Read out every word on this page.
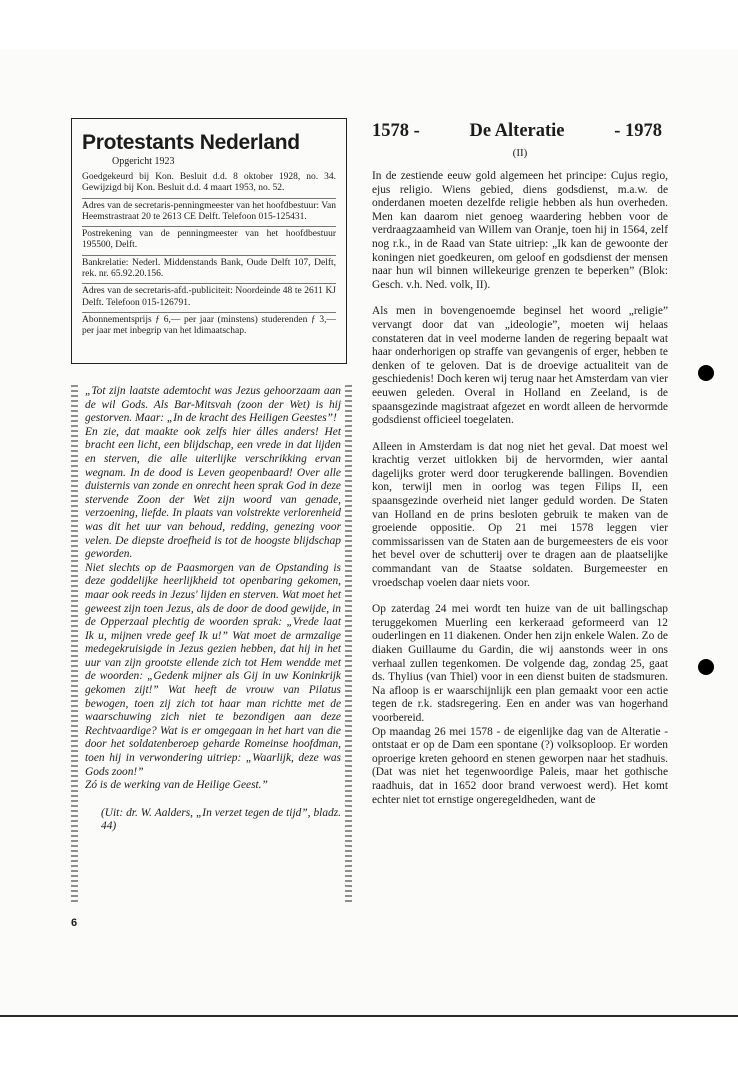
Protestants Nederland
Opgericht 1923

Goedgekeurd bij Kon. Besluit d.d. 8 oktober 1928, no. 34. Gewijzigd bij Kon. Besluit d.d. 4 maart 1953, no. 52.

Adres van de secretaris-penningmeester van het hoofdbestuur: Van Heemstrastraat 20 te 2613 CE Delft. Telefoon 015-125431.

Postrekening van de penningmeester van het hoofdbestuur 195500, Delft.

Bankrelatie: Nederl. Middenstands Bank, Oude Delft 107, Delft, rek. nr. 65.92.20.156.

Adres van de secretaris-afd.-publiciteit: Noordeinde 48 te 2611 KJ Delft. Telefoon 015-126791.

Abonnementsprijs ƒ 6,— per jaar (minstens) studerenden ƒ 3,— per jaar met inbegrip van het ldimaatschap.

„Tot zijn laatste ademtocht was Jezus gehoorzaam aan de wil Gods. Als Bar-Mitsvah (zoon der Wet) is hij gestorven. Maar: „In de kracht des Heiligen Geestes”!

En zie, dat maakte ook zelfs hier álles anders! Het bracht een licht, een blijdschap, een vrede in dat lijden en sterven, die alle uiterlijke verschrikking ervan wegnam. In de dood is Leven geopenbaard! Over alle duisternis van zonde en onrecht heen sprak God in deze stervende Zoon der Wet zijn woord van genade, verzoening, liefde. In plaats van volstrekte verlorenheid was dit het uur van behoud, redding, genezing voor velen. De diepste droefheid is tot de hoogste blijdschap geworden.

Niet slechts op de Paasmorgen van de Opstanding is deze goddelijke heerlijkheid tot openbaring gekomen, maar ook reeds in Jezus' lijden en sterven. Wat moet het geweest zijn toen Jezus, als de door de dood gewijde, in de Opperzaal plechtig de woorden sprak: „Vrede laat Ik u, mijnen vrede geef Ik u!” Wat moet de armzalige medegekruisigde in Jezus gezien hebben, dat hij in het uur van zijn grootste ellende zich tot Hem wendde met de woorden: „Gedenk mijner als Gij in uw Koninkrijk gekomen zijt!” Wat heeft de vrouw van Pilatus bewogen, toen zij zich tot haar man richtte met de waarschuwing zich niet te bezondigen aan deze Rechtvaardige? Wat is er omgegaan in het hart van die door het soldatenberoep geharde Romeinse hoofdman, toen hij in verwondering uitriep: „Waarlijk, deze was Gods zoon!”

Zó is de werking van de Heilige Geest.”

(Uit: dr. W. Aalders, „In verzet tegen de tijd”, bladz. 44)

6
1578 -	De Alteratie	- 1978
(II)

In de zestiende eeuw gold algemeen het principe: Cujus regio, ejus religio. Wiens gebied, diens godsdienst, m.a.w. de onderdanen moeten dezelfde religie hebben als hun overheden. Men kan daarom niet genoeg waardering hebben voor de verdraagzaamheid van Willem van Oranje, toen hij in 1564, zelf nog r.k., in de Raad van State uitriep: „Ik kan de gewoonte der koningen niet goedkeuren, om geloof en godsdienst der mensen naar hun wil binnen willekeurige grenzen te beperken” (Blok: Gesch. v.h. Ned. volk, II).

Als men in bovengenoemde beginsel het woord „religie” vervangt door dat van „ideologie”, moeten wij helaas constateren dat in veel moderne landen de regering bepaalt wat haar onderhorigen op straffe van gevangenis of erger, hebben te denken of te geloven. Dat is de droevige actualiteit van de geschiedenis! Doch keren wij terug naar het Amsterdam van vier eeuwen geleden. Overal in Holland en Zeeland, is de spaansgezinde magistraat afgezet en wordt alleen de hervormde godsdienst officieel toegelaten.

Alleen in Amsterdam is dat nog niet het geval. Dat moest wel krachtig verzet uitlokken bij de hervormden, wier aantal dagelijks groter werd door terugkerende ballingen. Bovendien kon, terwijl men in oorlog was tegen Filips II, een spaansgezinde overheid niet langer geduld worden. De Staten van Holland en de prins besloten gebruik te maken van de groeiende oppositie. Op 21 mei 1578 leggen vier commissarissen van de Staten aan de burgemeesters de eis voor het bevel over de schutterij over te dragen aan de plaatselijke commandant van de Staatse soldaten. Burgemeester en vroedschap voelen daar niets voor.

Op zaterdag 24 mei wordt ten huize van de uit ballingschap teruggekomen Muerling een kerkeraad geformeerd van 12 ouderlingen en 11 diakenen. Onder hen zijn enkele Walen. Zo de diaken Guillaume du Gardin, die wij aanstonds weer in ons verhaal zullen tegenkomen. De volgende dag, zondag 25, gaat ds. Thylius (van Thiel) voor in een dienst buiten de stadsmuren. Na afloop is er waarschijnlijk een plan gemaakt voor een actie tegen de r.k. stadsregering. Een en ander was van hogerhand voorbereid.

Op maandag 26 mei 1578 - de eigenlijke dag van de Alteratie - ontstaat er op de Dam een spontane (?) volksoploop. Er worden oproerige kreten gehoord en stenen geworpen naar het stadhuis. (Dat was niet het tegenwoordige Paleis, maar het gothische raadhuis, dat in 1652 door brand verwoest werd). Het komt echter niet tot ernstige ongeregeldheden, want de
